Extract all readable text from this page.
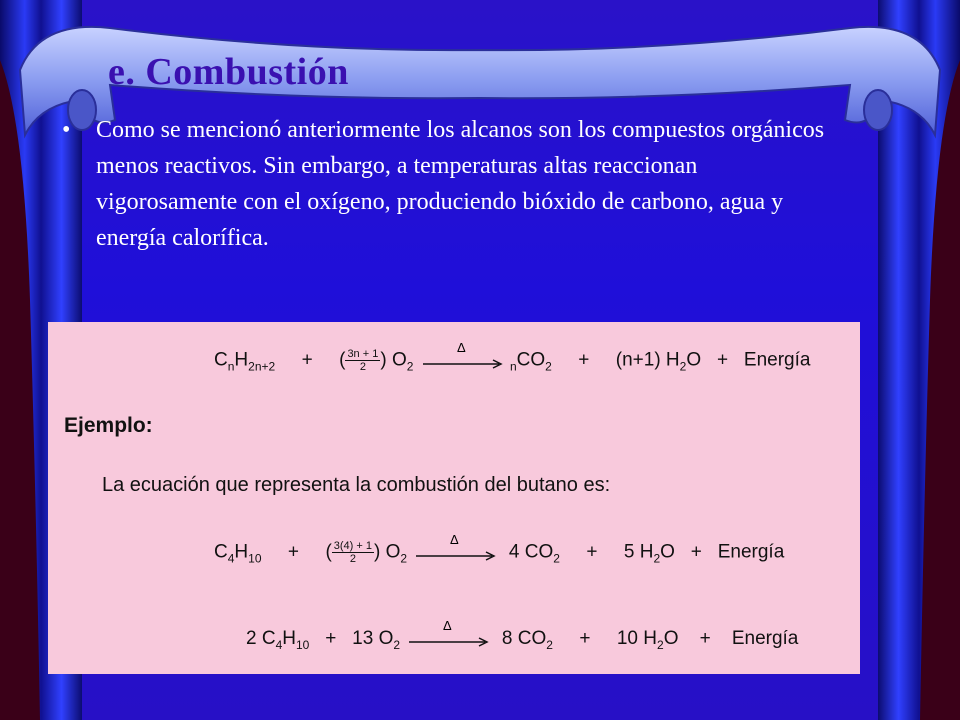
e. Combustión
•	Como se mencionó anteriormente los alcanos son los compuestos orgánicos menos reactivos. Sin embargo, a temperaturas altas reaccionan vigorosamente con el oxígeno, produciendo bióxido de carbono, agua y energía calorífica.
$C_nH_{2n+2}$ + ( $\frac{3n + 1}{2}$ ) $O_2$
Δ
$_nCO_2 + (n+1) H_2O$ + Energía
Ejemplo:
La ecuación que representa la combustión del butano es:
$C_4H_{10}$ + ( $\frac{3(4) + 1}{2}$ ) $O_2$
Δ
4 $CO_2 + 5$ $H_2O$ + Energía
2 $C_4H_{10} + 13$ $O_2$
Δ
8 $CO_2 + 10$ $H_2O$ + Energía
